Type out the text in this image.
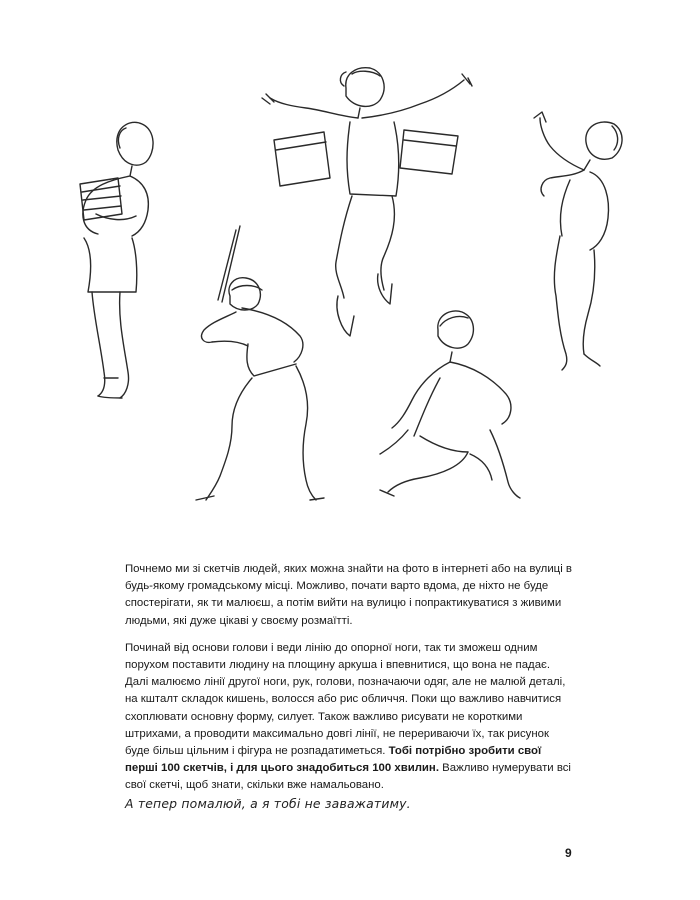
Почнемо ми зі скетчів людей, яких можна знайти на фото в інтернеті або на вулиці в будь-якому громадському місці. Можливо, почати варто вдома, де ніхто не буде спостерігати, як ти малюєш, а потім вийти на вулицю і попрактикуватися з живими людьми, які дуже цікаві у своєму розмаїтті.

Починай від основи голови і веди лінію до опорної ноги, так ти зможеш одним порухом поставити людину на площину аркуша і впевнитися, що вона не падає. Далі малюємо лінії другої ноги, рук, голови, позначаючи одяг, але не малюй деталі, на кшталт складок кишень, волосся або рис обличчя. Поки що важливо навчитися схоплювати основну форму, силует. Також важливо рисувати не короткими штрихами, а проводити максимально довгі лінії, не перериваючи їх, так рисунок буде більш цільним і фігура не розпадатиметься. Тобі потрібно зробити свої перші 100 скетчів, і для цього знадобиться 100 хвилин. Важливо нумерувати всі свої скетчі, щоб знати, скільки вже намальовано.

А тепер помалюй, а я тобі не заважатиму.
9
